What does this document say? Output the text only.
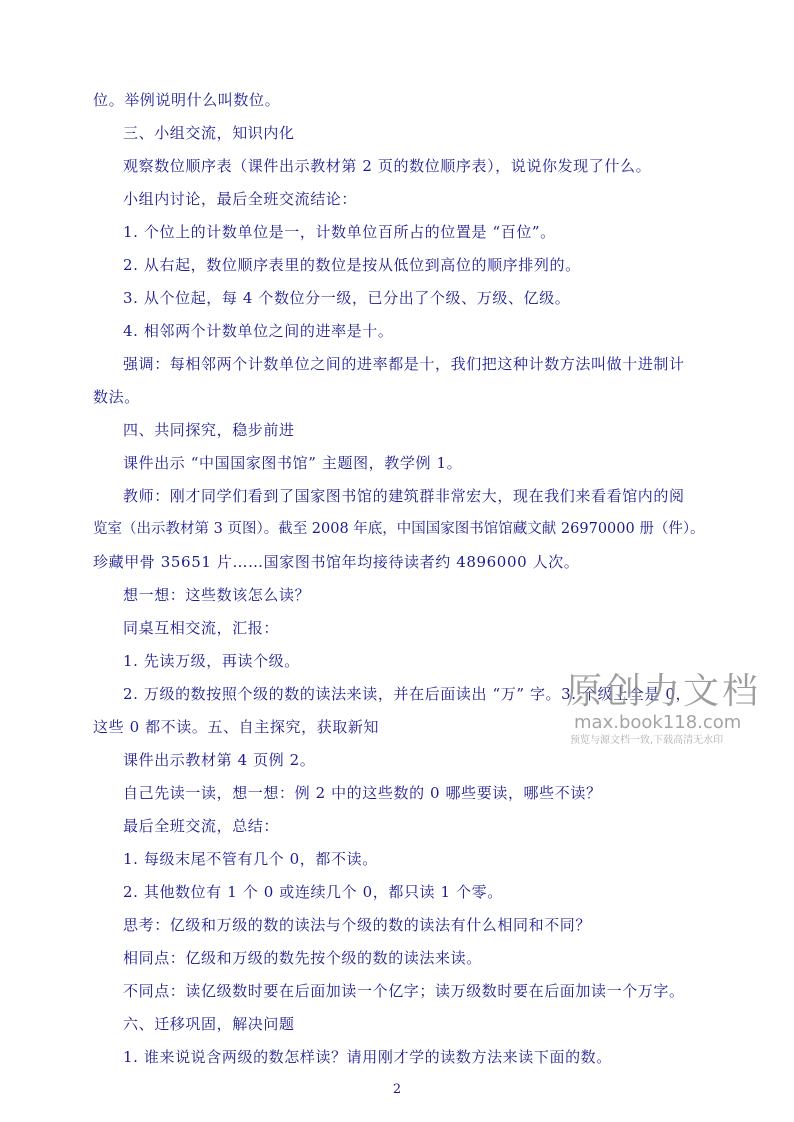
位。举例说明什么叫数位。
三、小组交流，知识内化
观察数位顺序表（课件出示教材第 2 页的数位顺序表），说说你发现了什么。
小组内讨论，最后全班交流结论：
1. 个位上的计数单位是一，计数单位百所占的位置是 “百位”。
2. 从右起，数位顺序表里的数位是按从低位到高位的顺序排列的。
3. 从个位起，每 4 个数位分一级，已分出了个级、万级、亿级。
4. 相邻两个计数单位之间的进率是十。
强调：每相邻两个计数单位之间的进率都是十，我们把这种计数方法叫做十进制计
数法。
四、共同探究，稳步前进
课件出示 “中国国家图书馆” 主题图，教学例 1。
教师：刚才同学们看到了国家图书馆的建筑群非常宏大，现在我们来看看馆内的阅
览室（出示教材第 3 页图）。截至 2008 年底，中国国家图书馆馆藏文献 26970000 册（件）。
珍藏甲骨 35651 片……国家图书馆年均接待读者约 4896000 人次。
想一想：这些数该怎么读？
同桌互相交流，汇报：
1. 先读万级，再读个级。
2. 万级的数按照个级的数的读法来读，并在后面读出 “万” 字。3. 个级上全是 0，
这些 0 都不读。五、自主探究，获取新知
课件出示教材第 4 页例 2。
自己先读一读，想一想：例 2 中的这些数的 0 哪些要读，哪些不读？
最后全班交流，总结：
1. 每级末尾不管有几个 0，都不读。
2. 其他数位有 1 个 0 或连续几个 0，都只读 1 个零。
思考：亿级和万级的数的读法与个级的数的读法有什么相同和不同？
相同点：亿级和万级的数先按个级的数的读法来读。
不同点：读亿级数时要在后面加读一个亿字；读万级数时要在后面加读一个万字。
六、迁移巩固，解决问题
1. 谁来说说含两级的数怎样读？请用刚才学的读数方法来读下面的数。
2
原创力文档
max.book118.com
预览与源文档一致,下载高清无水印
